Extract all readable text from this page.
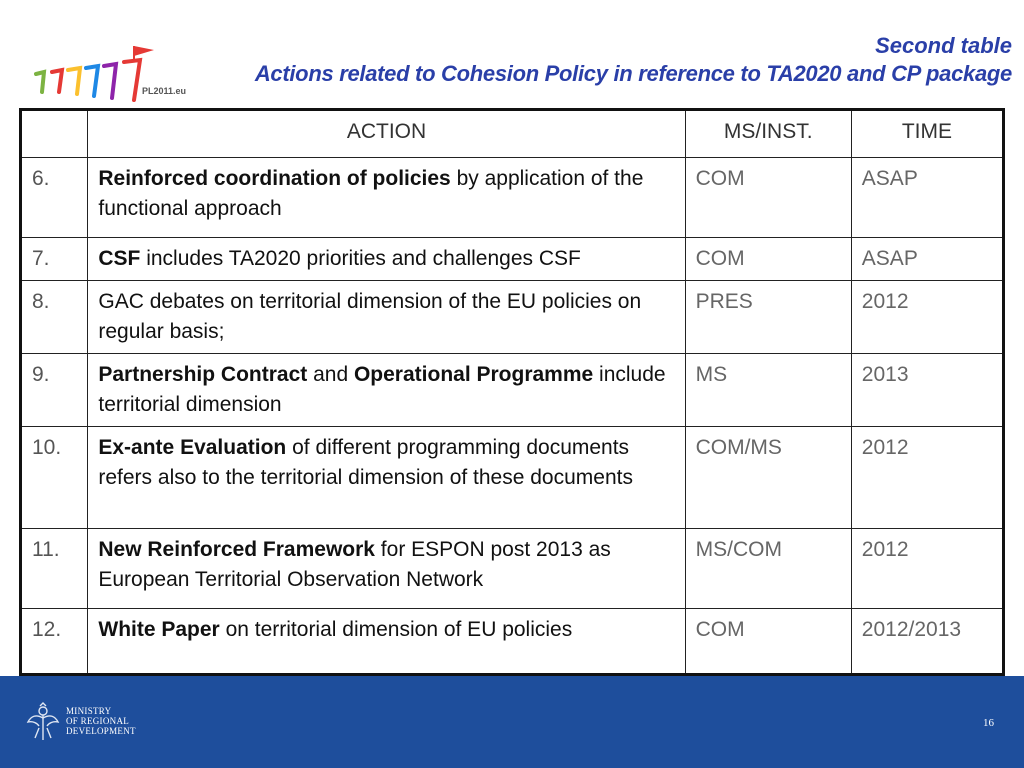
PL2011.eu
Second table
Actions related to Cohesion Policy in reference to TA2020 and CP package
	ACTION	MS/INST.	TIME
6.	Reinforced coordination of policies by application of the functional approach	COM	ASAP
7.	CSF includes TA2020 priorities and challenges CSF	COM	ASAP
8.	GAC debates on territorial dimension of the EU policies on regular basis;	PRES	2012
9.	Partnership Contract and Operational Programme include territorial dimension	MS	2013
10.	Ex-ante Evaluation of different programming documents refers also to the territorial dimension of these documents	COM/MS	2012
11.	New Reinforced Framework for ESPON post 2013 as European Territorial Observation Network	MS/COM	2012
12.	White Paper on territorial dimension of EU policies	COM	2012/2013
MINISTRY
OF REGIONAL
DEVELOPMENT
16
